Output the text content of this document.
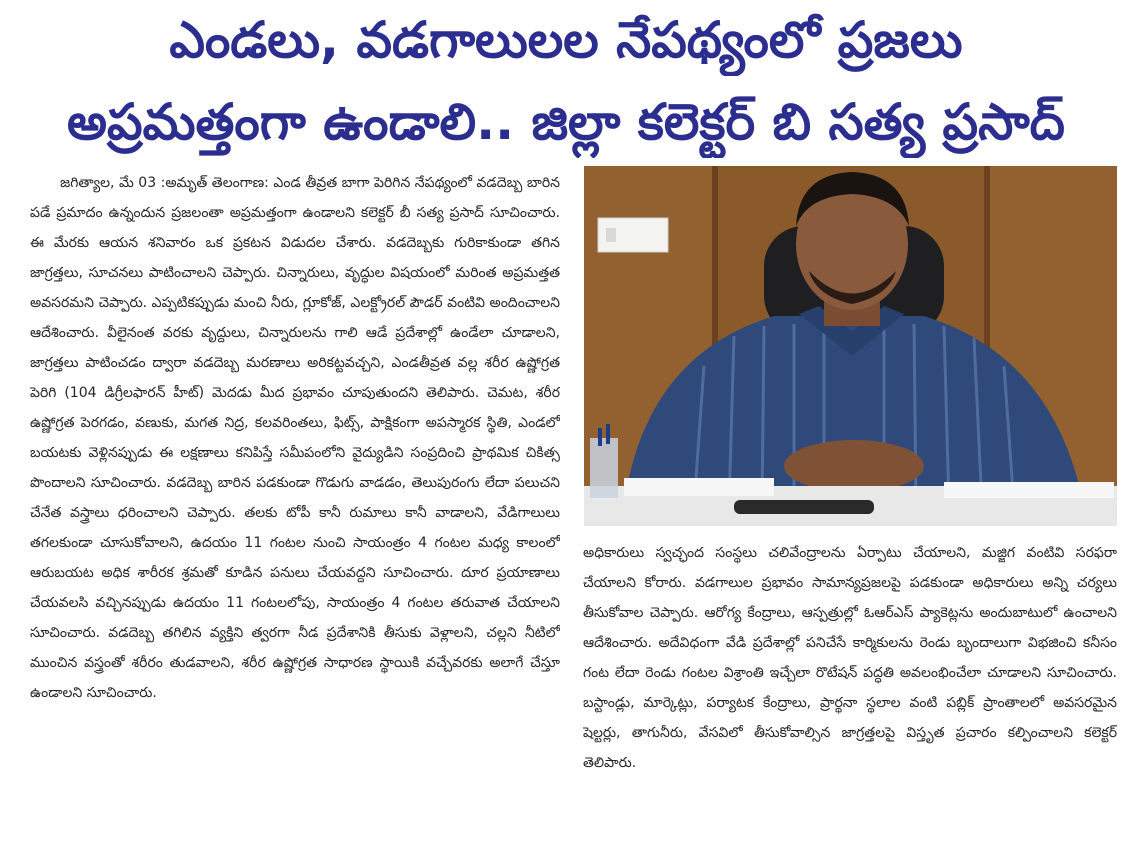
ఎండలు, వడగాలులల నేపథ్యంలో ప్రజలు
అప్రమత్తంగా ఉండాలి.. జిల్లా కలెక్టర్ బి సత్య ప్రసాద్

జగిత్యాల, మే 03 :అమృత్ తెలంగాణ: ఎండ తీవ్రత బాగా పెరిగిన నేపథ్యంలో వడదెబ్బ బారిన పడే ప్రమాదం ఉన్నందున ప్రజలంతా అప్రమత్తంగా ఉండాలని కలెక్టర్ బీ సత్య ప్రసాద్ సూచించారు. ఈ మేరకు ఆయన శనివారం ఒక ప్రకటన విడుదల చేశారు. వడదెబ్బకు గురికాకుండా తగిన జాగ్రత్తలు, సూచనలు పాటించాలని చెప్పారు. చిన్నారులు, వృద్ధుల విషయంలో మరింత అప్రమత్తత అవసరమని చెప్పారు. ఎప్పటికప్పుడు మంచి నీరు, గ్లూకోజ్, ఎలక్ట్రోరల్ పౌడర్ వంటివి అందించాలని ఆదేశించారు. వీలైనంత వరకు వృద్దులు, చిన్నారులను గాలి ఆడే ప్రదేశాల్లో ఉండేలా చూడాలని, జాగ్రత్తలు పాటించడం ద్వారా వడదెబ్బ మరణాలు అరికట్టవచ్చని, ఎండతీవ్రత వల్ల శరీర ఉష్ణోగ్రత పెరిగి (104 డిగ్రీలఫారన్ హీట్) మెదడు మీద ప్రభావం చూపుతుందని తెలిపారు. చెమట, శరీర ఉష్ణోగ్రత పెరగడం, వణుకు, మగత నిద్ర, కలవరింతలు, ఫిట్స్, పాక్షికంగా అపస్మారక స్థితి, ఎండలో బయటకు వెళ్లినప్పుడు ఈ లక్షణాలు కనిపిస్తే సమీపంలోని వైద్యుడిని సంప్రదించి ప్రాథమిక చికిత్స పొందాలని సూచించారు. వడదెబ్బ బారిన పడకుండా గొడుగు వాడడం, తెలుపురంగు లేదా పలుచని చేనేత వస్త్రాలు ధరించాలని చెప్పారు. తలకు టోపీ కానీ రుమాలు కానీ వాడాలని, వేడిగాలులు తగలకుండా చూసుకోవాలని, ఉదయం 11 గంటల నుంచి సాయంత్రం 4 గంటల మధ్య కాలంలో ఆరుబయట అధిక శారీరక శ్రమతో కూడిన పనులు చేయవద్దని సూచించారు. దూర ప్రయాణాలు చేయవలసి వచ్చినప్పుడు ఉదయం 11 గంటలలోపు, సాయంత్రం 4 గంటల తరువాత చేయాలని సూచించారు. వడదెబ్బ తగిలిన వ్యక్తిని త్వరగా నీడ ప్రదేశానికి తీసుకు వెళ్లాలని, చల్లని నీటిలో ముంచిన వస్త్రంతో శరీరం తుడవాలని, శరీర ఉష్ణోగ్రత సాధారణ స్థాయికి వచ్చేవరకు అలాగే చేస్తూ ఉండాలని సూచించారు.

అధికారులు స్వచ్ఛంద సంస్థలు చలివేంద్రాలను ఏర్పాటు చేయాలని, మజ్జిగ వంటివి సరఫరా చేయాలని కోరారు. వడగాలుల ప్రభావం సామాన్యప్రజలపై పడకుండా అధికారులు అన్ని చర్యలు తీసుకోవాల చెప్పారు. ఆరోగ్య కేంద్రాలు, ఆస్పత్రుల్లో ఓఆర్ఎస్ ప్యాకెట్లను అందుబాటులో ఉంచాలని ఆదేశించారు. అదేవిధంగా వేడి ప్రదేశాల్లో పనిచేసే కార్మికులను రెండు బృందాలుగా విభజించి కనీసం గంట లేదా రెండు గంటల విశ్రాంతి ఇచ్చేలా రొటేషన్ పద్ధతి అవలంభించేలా చూడాలని సూచించారు. బస్టాండ్లు, మార్కెట్లు, పర్యాటక కేంద్రాలు, ప్రార్థనా స్థలాల వంటి పబ్లిక్ ప్రాంతాలలో అవసరమైన షెల్టర్లు, తాగునీరు, వేసవిలో తీసుకోవాల్సిన జాగ్రత్తలపై విస్తృత ప్రచారం కల్పించాలని కలెక్టర్ తెలిపారు.
